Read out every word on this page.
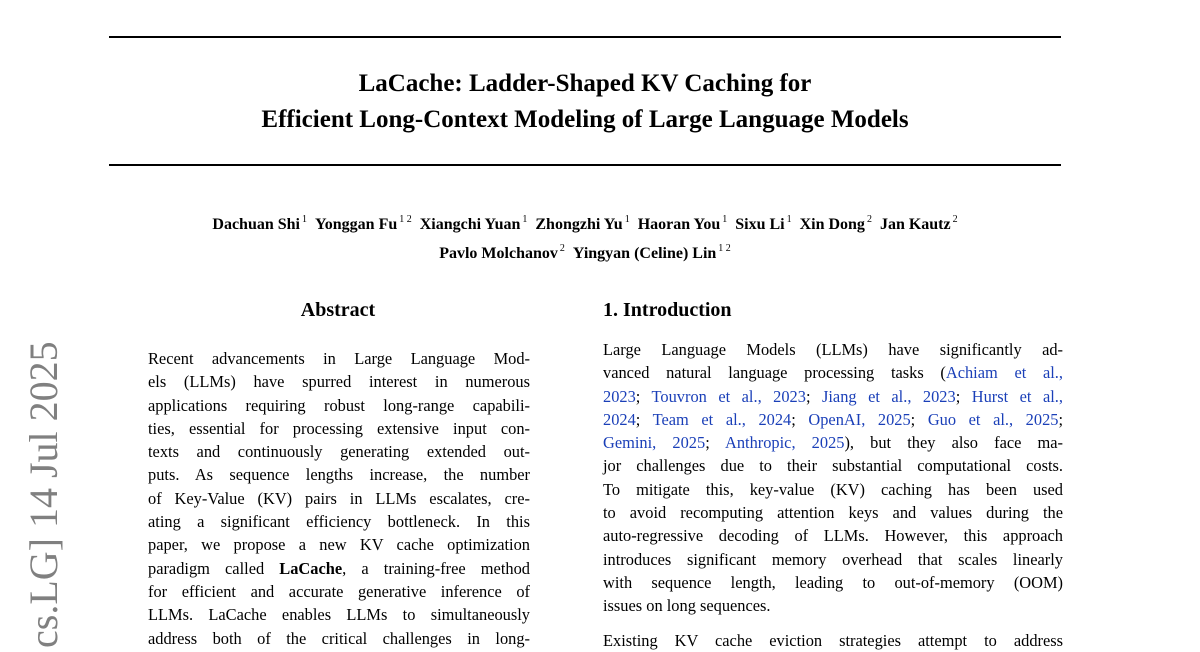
LaCache: Ladder-Shaped KV Caching for
Efficient Long-Context Modeling of Large Language Models
Dachuan Shi $^1$ Yonggan Fu $^{1 2}$ Xiangchi Yuan $^1$ Zhongzhi Yu $^1$ Haoran You $^1$ Sixu Li $^1$ Xin Dong $^2$ Jan Kautz $^2$
Pavlo Molchanov $^2$ Yingyan (Celine) Lin $^{1 2}$
cs.LG] 14 Jul 2025
Abstract
Recent advancements in Large Language Mod-
els (LLMs) have spurred interest in numerous
applications requiring robust long-range capabili-
ties, essential for processing extensive input con-
texts and continuously generating extended out-
puts. As sequence lengths increase, the number
of Key-Value (KV) pairs in LLMs escalates, cre-
ating a significant efficiency bottleneck. In this
paper, we propose a new KV cache optimization
paradigm called LaCache, a training-free method
for efficient and accurate generative inference of
LLMs. LaCache enables LLMs to simultaneously
address both of the critical challenges in long-
1. Introduction
Large Language Models (LLMs) have significantly ad-
vanced natural language processing tasks (Achiam et al.,
2023; Touvron et al., 2023; Jiang et al., 2023; Hurst et al.,
2024; Team et al., 2024; OpenAI, 2025; Guo et al., 2025;
Gemini, 2025; Anthropic, 2025), but they also face ma-
jor challenges due to their substantial computational costs.
To mitigate this, key-value (KV) caching has been used
to avoid recomputing attention keys and values during the
auto-regressive decoding of LLMs. However, this approach
introduces significant memory overhead that scales linearly
with sequence length, leading to out-of-memory (OOM)
issues on long sequences.
Existing KV cache eviction strategies attempt to address
